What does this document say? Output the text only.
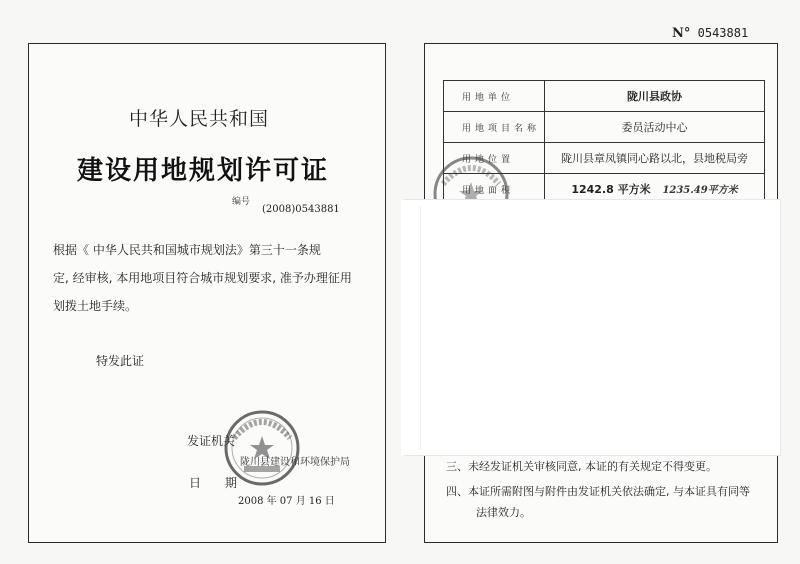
中华人民共和国
建设用地规划许可证
编号
(2008)0543881
根据《 中华人民共和国城市规划法》第三十一条规
定, 经审核, 本用地项目符合城市规划要求, 准予办理征用
划拨土地手续。
特发此证
发证机关
陇川县建设和环境保护局
日期
2008 年 07 月 16 日
N° 0543881
用地单位	陇川县政协
用地项目名称	委员活动中心
用地位置	陇川县章凤镇同心路以北，县地税局旁
用地面积	1242.8 平方米 1235.49平方米
三、未经发证机关审核同意, 本证的有关规定不得变更。
四、本证所需附图与附件由发证机关依法确定, 与本证具有同等
法律效力。
